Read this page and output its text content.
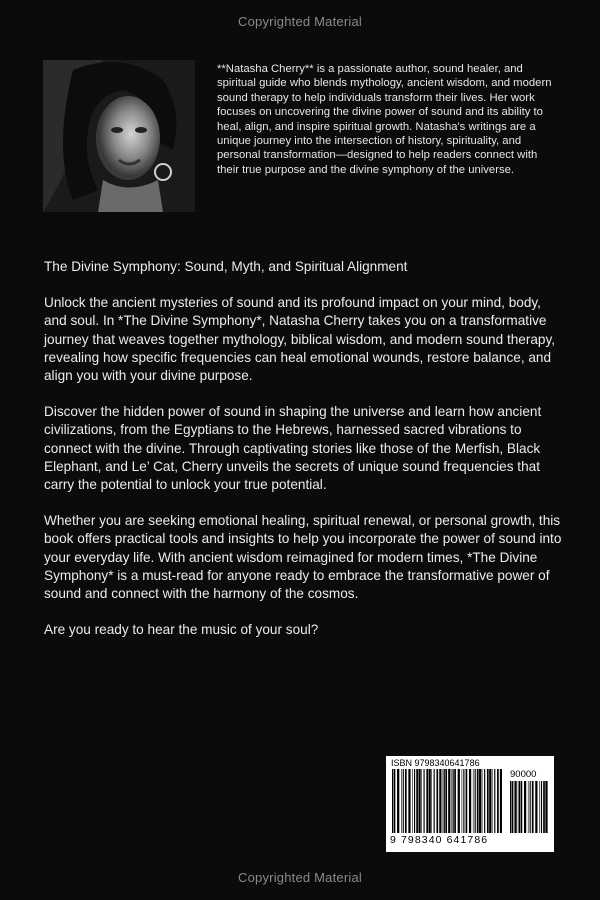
Copyrighted Material
**Natasha Cherry** is a passionate author, sound healer, and spiritual guide who blends mythology, ancient wisdom, and modern sound therapy to help individuals transform their lives. Her work focuses on uncovering the divine power of sound and its ability to heal, align, and inspire spiritual growth. Natasha's writings are a unique journey into the intersection of history, spirituality, and personal transformation—designed to help readers connect with their true purpose and the divine symphony of the universe.

The Divine Symphony: Sound, Myth, and Spiritual Alignment

Unlock the ancient mysteries of sound and its profound impact on your mind, body, and soul. In *The Divine Symphony*, Natasha Cherry takes you on a transformative journey that weaves together mythology, biblical wisdom, and modern sound therapy, revealing how specific frequencies can heal emotional wounds, restore balance, and align you with your divine purpose.

Discover the hidden power of sound in shaping the universe and learn how ancient civilizations, from the Egyptians to the Hebrews, harnessed sacred vibrations to connect with the divine. Through captivating stories like those of the Merfish, Black Elephant, and Le’ Cat, Cherry unveils the secrets of unique sound frequencies that carry the potential to unlock your true potential.

Whether you are seeking emotional healing, spiritual renewal, or personal growth, this book offers practical tools and insights to help you incorporate the power of sound into your everyday life. With ancient wisdom reimagined for modern times, *The Divine Symphony* is a must-read for anyone ready to embrace the transformative power of sound and connect with the harmony of the cosmos.

Are you ready to hear the music of your soul?

ISBN 9798340641786
90000
9 798340 641786
Copyrighted Material
